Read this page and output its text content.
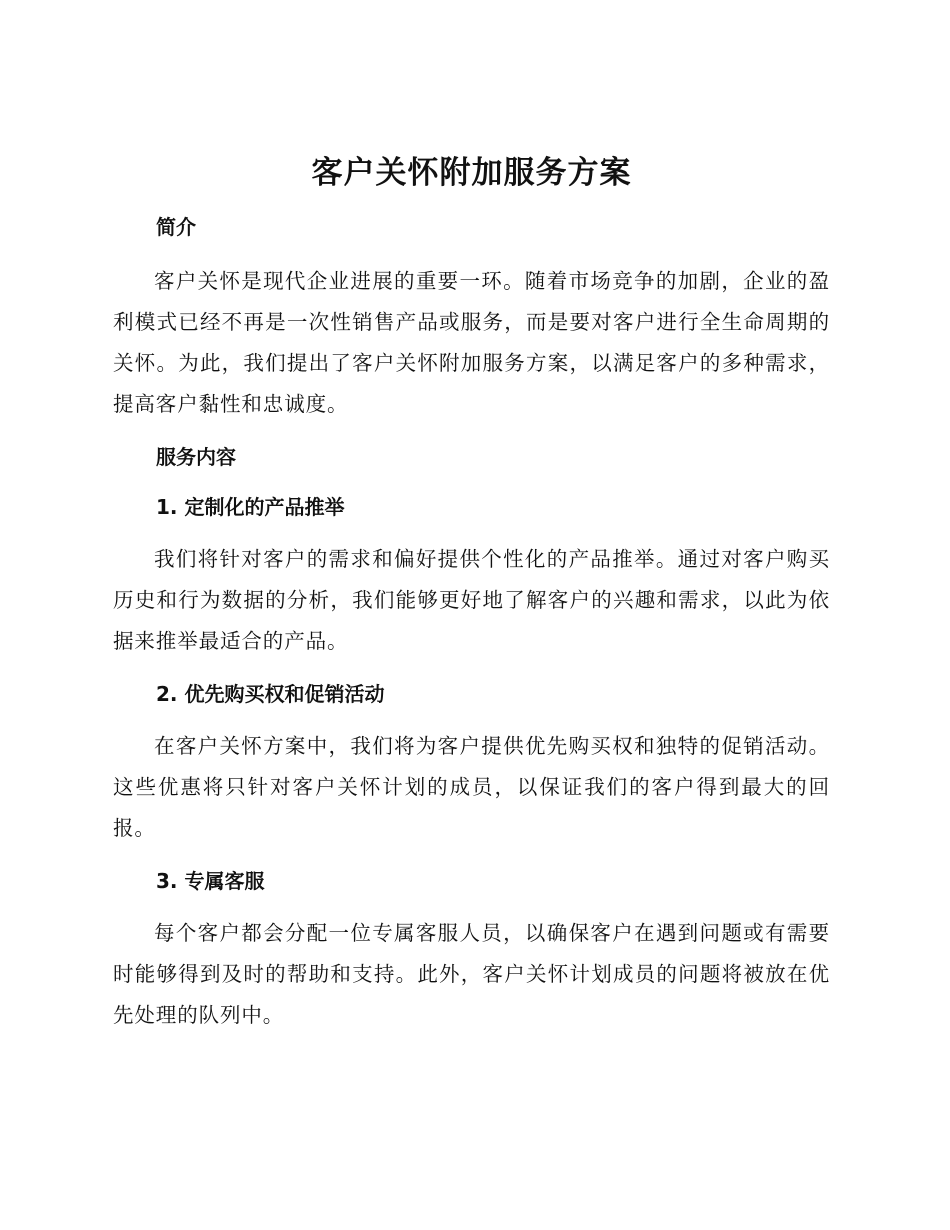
客户关怀附加服务方案
简介

客户关怀是现代企业进展的重要一环。随着市场竞争的加剧，企业的盈利模式已经不再是一次性销售产品或服务，而是要对客户进行全生命周期的关怀。为此，我们提出了客户关怀附加服务方案，以满足客户的多种需求，提高客户黏性和忠诚度。

服务内容
1. 定制化的产品推举

我们将针对客户的需求和偏好提供个性化的产品推举。通过对客户购买历史和行为数据的分析，我们能够更好地了解客户的兴趣和需求，以此为依据来推举最适合的产品。

2. 优先购买权和促销活动

在客户关怀方案中，我们将为客户提供优先购买权和独特的促销活动。这些优惠将只针对客户关怀计划的成员，以保证我们的客户得到最大的回报。

3. 专属客服

每个客户都会分配一位专属客服人员，以确保客户在遇到问题或有需要时能够得到及时的帮助和支持。此外，客户关怀计划成员的问题将被放在优先处理的队列中。
